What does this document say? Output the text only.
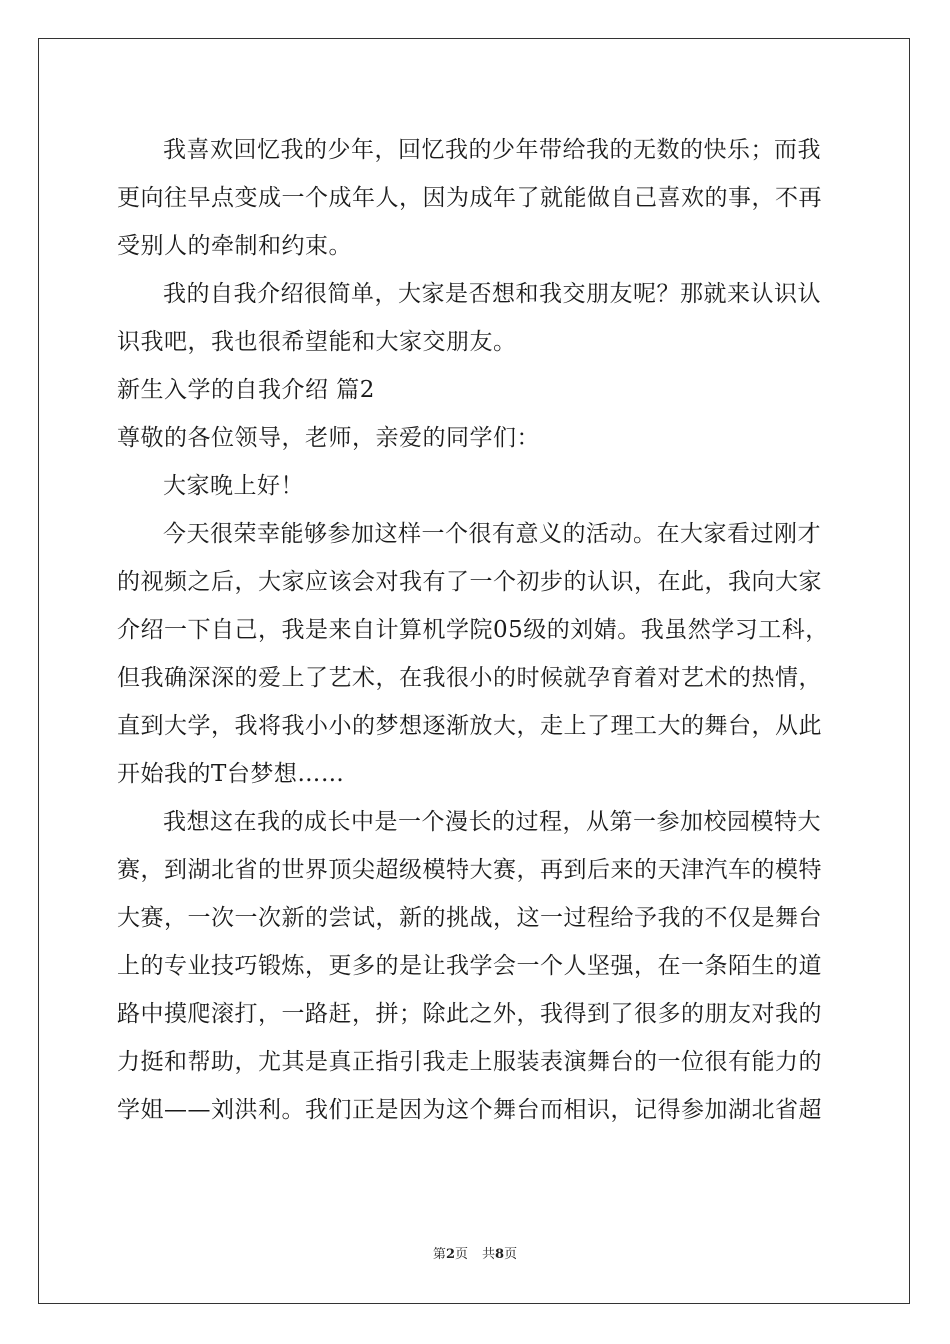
我喜欢回忆我的少年，回忆我的少年带给我的无数的快乐；而我
更向往早点变成一个成年人，因为成年了就能做自己喜欢的事，不再
受别人的牵制和约束。
我的自我介绍很简单，大家是否想和我交朋友呢？那就来认识认
识我吧，我也很希望能和大家交朋友。
新生入学的自我介绍 篇2
尊敬的各位领导，老师，亲爱的同学们：
大家晚上好！
今天很荣幸能够参加这样一个很有意义的活动。在大家看过刚才
的视频之后，大家应该会对我有了一个初步的认识，在此，我向大家
介绍一下自己，我是来自计算机学院05级的刘婧。我虽然学习工科，
但我确深深的爱上了艺术，在我很小的时候就孕育着对艺术的热情，
直到大学，我将我小小的梦想逐渐放大，走上了理工大的舞台，从此
开始我的T台梦想……
我想这在我的成长中是一个漫长的过程，从第一参加校园模特大
赛，到湖北省的世界顶尖超级模特大赛，再到后来的天津汽车的模特
大赛，一次一次新的尝试，新的挑战，这一过程给予我的不仅是舞台
上的专业技巧锻炼，更多的是让我学会一个人坚强，在一条陌生的道
路中摸爬滚打，一路赶，拼；除此之外，我得到了很多的朋友对我的
力挺和帮助，尤其是真正指引我走上服装表演舞台的一位很有能力的
学姐——刘洪利。我们正是因为这个舞台而相识，记得参加湖北省超
第2页 共8页
